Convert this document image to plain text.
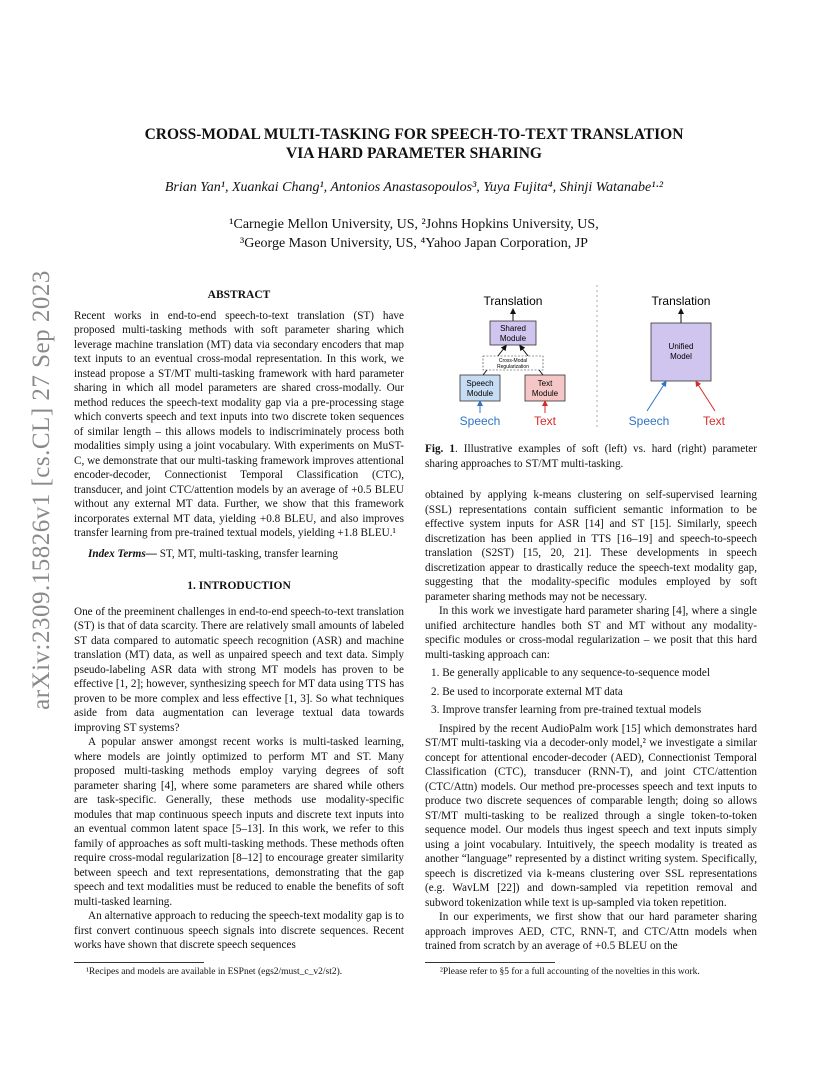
arXiv:2309.15826v1 [cs.CL] 27 Sep 2023
CROSS-MODAL MULTI-TASKING FOR SPEECH-TO-TEXT TRANSLATION
VIA HARD PARAMETER SHARING
Brian Yan¹, Xuankai Chang¹, Antonios Anastasopoulos³, Yuya Fujita⁴, Shinji Watanabe¹·²
¹Carnegie Mellon University, US, ²Johns Hopkins University, US,
³George Mason University, US, ⁴Yahoo Japan Corporation, JP
ABSTRACT

Recent works in end-to-end speech-to-text translation (ST) have proposed multi-tasking methods with soft parameter sharing which leverage machine translation (MT) data via secondary encoders that map text inputs to an eventual cross-modal representation. In this work, we instead propose a ST/MT multi-tasking framework with hard parameter sharing in which all model parameters are shared cross-modally. Our method reduces the speech-text modality gap via a pre-processing stage which converts speech and text inputs into two discrete token sequences of similar length – this allows models to indiscriminately process both modalities simply using a joint vocabulary. With experiments on MuST-C, we demonstrate that our multi-tasking framework improves attentional encoder-decoder, Connectionist Temporal Classification (CTC), transducer, and joint CTC/attention models by an average of +0.5 BLEU without any external MT data. Further, we show that this framework incorporates external MT data, yielding +0.8 BLEU, and also improves transfer learning from pre-trained textual models, yielding +1.8 BLEU.¹

Index Terms— ST, MT, multi-tasking, transfer learning
1. INTRODUCTION

One of the preeminent challenges in end-to-end speech-to-text translation (ST) is that of data scarcity. There are relatively small amounts of labeled ST data compared to automatic speech recognition (ASR) and machine translation (MT) data, as well as unpaired speech and text data. Simply pseudo-labeling ASR data with strong MT models has proven to be effective [1, 2]; however, synthesizing speech for MT data using TTS has proven to be more complex and less effective [1, 3]. So what techniques aside from data augmentation can leverage textual data towards improving ST systems?

A popular answer amongst recent works is multi-tasked learning, where models are jointly optimized to perform MT and ST. Many proposed multi-tasking methods employ varying degrees of soft parameter sharing [4], where some parameters are shared while others are task-specific. Generally, these methods use modality-specific modules that map continuous speech inputs and discrete text inputs into an eventual common latent space [5–13]. In this work, we refer to this family of approaches as soft multi-tasking methods. These methods often require cross-modal regularization [8–12] to encourage greater similarity between speech and text representations, demonstrating that the gap speech and text modalities must be reduced to enable the benefits of soft multi-tasked learning.

An alternative approach to reducing the speech-text modality gap is to first convert continuous speech signals into discrete sequences. Recent works have shown that discrete speech sequences

¹Recipes and models are available in ESPnet (egs2/must_c_v2/st2).
Translation
Shared
Module
Cross-Modal
Regularization
Speech
Module
Text
Module
Speech	Text
Translation
Unified
Model
Speech	Text
Fig. 1. Illustrative examples of soft (left) vs. hard (right) parameter sharing approaches to ST/MT multi-tasking.

obtained by applying k-means clustering on self-supervised learning (SSL) representations contain sufficient semantic information to be effective system inputs for ASR [14] and ST [15]. Similarly, speech discretization has been applied in TTS [16–19] and speech-to-speech translation (S2ST) [15, 20, 21]. These developments in speech discretization appear to drastically reduce the speech-text modality gap, suggesting that the modality-specific modules employed by soft parameter sharing methods may not be necessary.

In this work we investigate hard parameter sharing [4], where a single unified architecture handles both ST and MT without any modality-specific modules or cross-modal regularization – we posit that this hard multi-tasking approach can:

1. Be generally applicable to any sequence-to-sequence model
2. Be used to incorporate external MT data
3. Improve transfer learning from pre-trained textual models

Inspired by the recent AudioPalm work [15] which demonstrates hard ST/MT multi-tasking via a decoder-only model,² we investigate a similar concept for attentional encoder-decoder (AED), Connectionist Temporal Classification (CTC), transducer (RNN-T), and joint CTC/attention (CTC/Attn) models. Our method pre-processes speech and text inputs to produce two discrete sequences of comparable length; doing so allows ST/MT multi-tasking to be realized through a single token-to-token sequence model. Our models thus ingest speech and text inputs simply using a joint vocabulary. Intuitively, the speech modality is treated as another “language” represented by a distinct writing system. Specifically, speech is discretized via k-means clustering over SSL representations (e.g. WavLM [22]) and down-sampled via repetition removal and subword tokenization while text is up-sampled via token repetition.

In our experiments, we first show that our hard parameter sharing approach improves AED, CTC, RNN-T, and CTC/Attn models when trained from scratch by an average of +0.5 BLEU on the

²Please refer to §5 for a full accounting of the novelties in this work.
